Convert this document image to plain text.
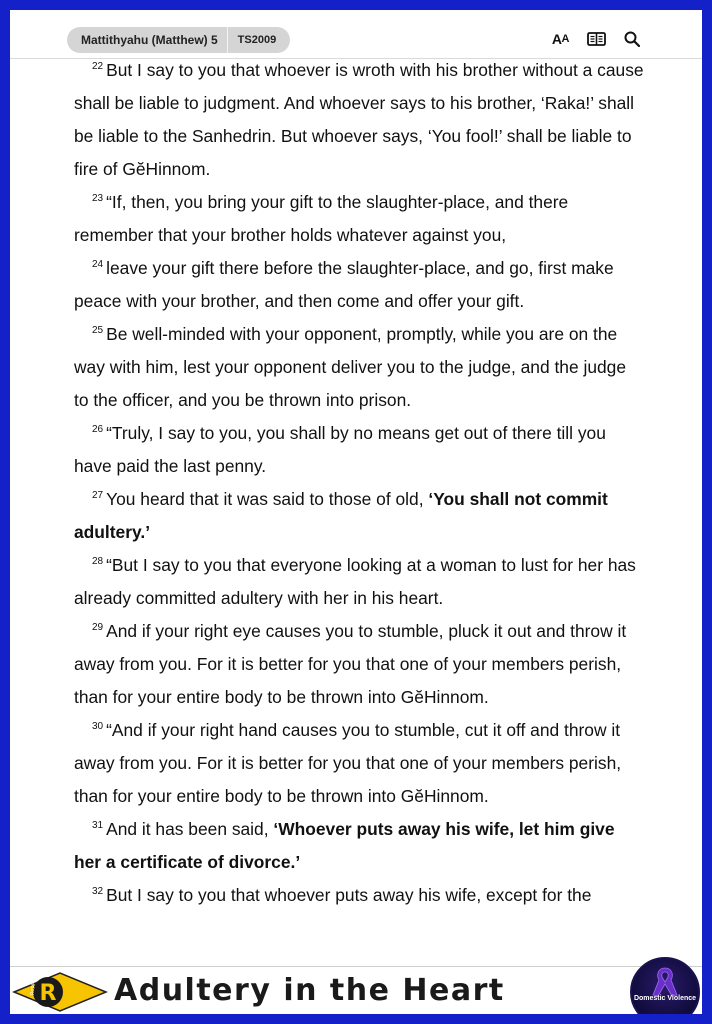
Mattithyahu (Matthew) 5	TS2009	A A

$^{22}$ But I say to you that whoever is wroth with his brother without a cause shall be liable to judgment. And whoever says to his brother, ‘Raka!’ shall be liable to the Sanhedrin. But whoever says, ‘You fool!’ shall be liable to fire of GĕHinnom.

$^{23}$ “If, then, you bring your gift to the slaughter-place, and there remember that your brother holds whatever against you,

$^{24}$ leave your gift there before the slaughter-place, and go, first make peace with your brother, and then come and offer your gift.

$^{25}$ Be well-minded with your opponent, promptly, while you are on the way with him, lest your opponent deliver you to the judge, and the judge to the officer, and you be thrown into prison.

$^{26}$ “Truly, I say to you, you shall by no means get out of there till you have paid the last penny.

$^{27}$ You heard that it was said to those of old, ‘You shall not commit adultery.’

$^{28}$ “But I say to you that everyone looking at a woman to lust for her has already committed adultery with her in his heart.

$^{29}$ And if your right eye causes you to stumble, pluck it out and throw it away from you. For it is better for you that one of your members perish, than for your entire body to be thrown into GĕHinnom.

$^{30}$ “And if your right hand causes you to stumble, cut it off and throw it away from you. For it is better for you that one of your members perish, than for your entire body to be thrown into GĕHinnom.

$^{31}$ And it has been said, ‘Whoever puts away his wife, let him give her a certificate of divorce.’

$^{32}$ But I say to you that whoever puts away his wife, except for the

R
Repent	Adultery in the Heart	Domestic Violence
